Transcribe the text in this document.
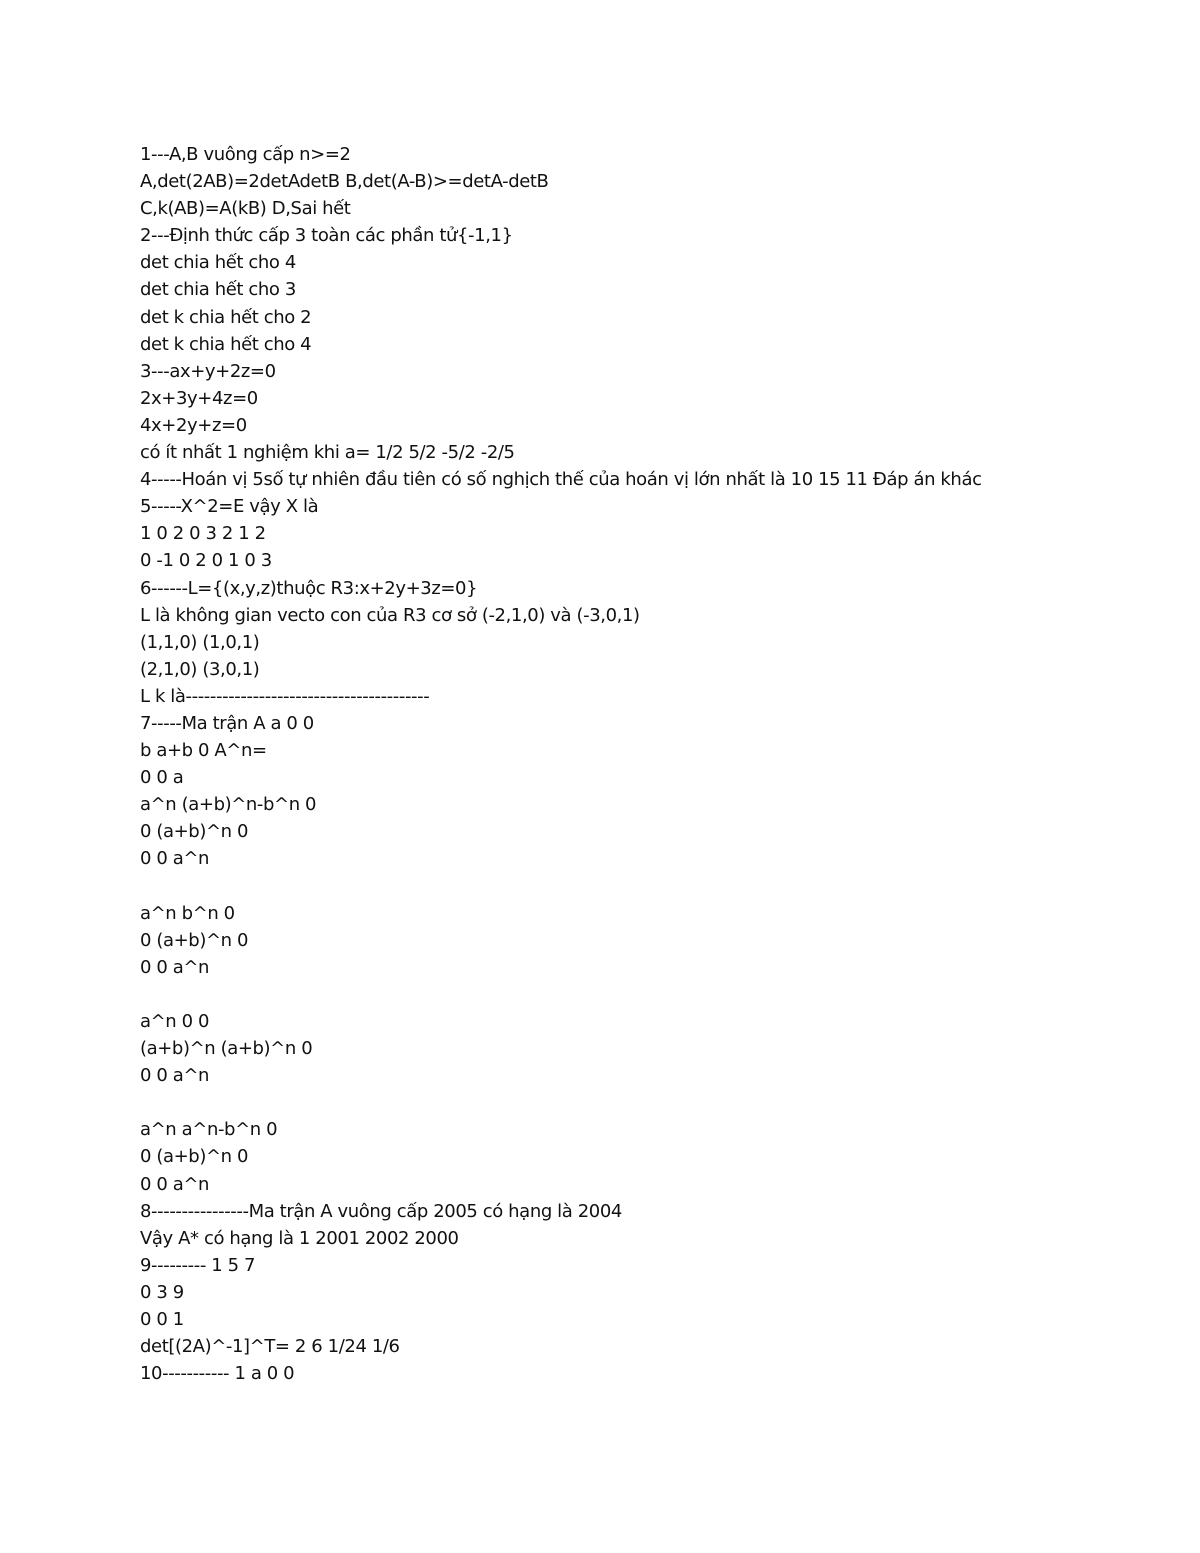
1---A,B vuông cấp n>=2
A,det(2AB)=2detAdetB B,det(A-B)>=detA-detB
C,k(AB)=A(kB) D,Sai hết
2---Định thức cấp 3 toàn các phần tử{-1,1}
det chia hết cho 4
det chia hết cho 3
det k chia hết cho 2
det k chia hết cho 4
3---ax+y+2z=0
2x+3y+4z=0
4x+2y+z=0
có ít nhất 1 nghiệm khi a= 1/2 5/2 -5/2 -2/5
4-----Hoán vị 5số tự nhiên đầu tiên có số nghịch thế của hoán vị lớn nhất là 10 15 11 Đáp án khác
5-----X^2=E vậy X là
1 0 2 0 3 2 1 2
0 -1 0 2 0 1 0 3
6------L={(x,y,z)thuộc R3:x+2y+3z=0}
L là không gian vecto con của R3 cơ sở (-2,1,0) và (-3,0,1)
(1,1,0) (1,0,1)
(2,1,0) (3,0,1)
L k là----------------------------------------
7-----Ma trận A a 0 0
b a+b 0 A^n=
0 0 a
a^n (a+b)^n-b^n 0
0 (a+b)^n 0
0 0 a^n
a^n b^n 0
0 (a+b)^n 0
0 0 a^n
a^n 0 0
(a+b)^n (a+b)^n 0
0 0 a^n
a^n a^n-b^n 0
0 (a+b)^n 0
0 0 a^n
8----------------Ma trận A vuông cấp 2005 có hạng là 2004
Vậy A* có hạng là 1 2001 2002 2000
9--------- 1 5 7
0 3 9
0 0 1
det[(2A)^-1]^T= 2 6 1/24 1/6
10----------- 1 a 0 0
